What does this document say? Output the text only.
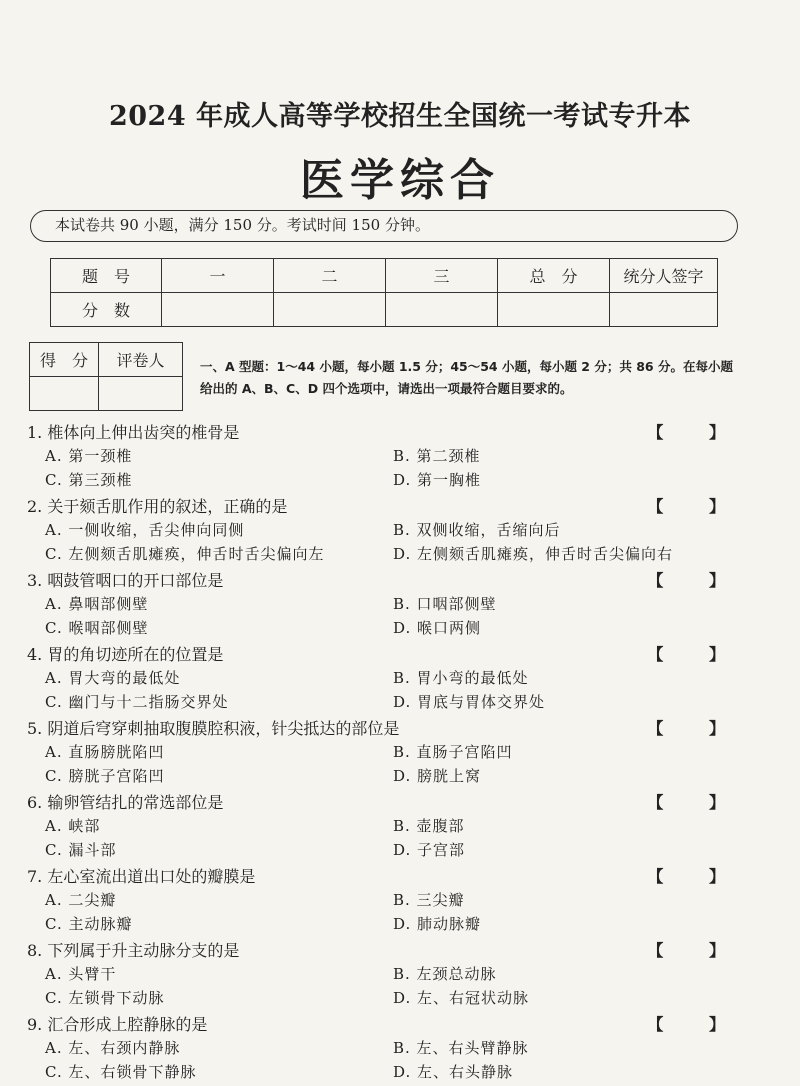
2024 年成人高等学校招生全国统一考试专升本
医学综合
本试卷共 90 小题，满分 150 分。考试时间 150 分钟。
题　号	一	二	三	总　分	统分人签字
分　数					
得　分	评卷人
		一、A 型题：1～44 小题，每小题 1.5 分；45～54 小题，每小题 2 分；共 86 分。在每小题给出的 A、B、C、D 四个选项中，请选出一项最符合题目要求的。
1. 椎体向上伸出齿突的椎骨是	【 】
A. 第一颈椎	B. 第二颈椎
C. 第三颈椎	D. 第一胸椎
2. 关于颏舌肌作用的叙述，正确的是	【 】
A. 一侧收缩，舌尖伸向同侧	B. 双侧收缩，舌缩向后
C. 左侧颏舌肌瘫痪，伸舌时舌尖偏向左	D. 左侧颏舌肌瘫痪，伸舌时舌尖偏向右
3. 咽鼓管咽口的开口部位是	【 】
A. 鼻咽部侧壁	B. 口咽部侧壁
C. 喉咽部侧壁	D. 喉口两侧
4. 胃的角切迹所在的位置是	【 】
A. 胃大弯的最低处	B. 胃小弯的最低处
C. 幽门与十二指肠交界处	D. 胃底与胃体交界处
5. 阴道后穹穿刺抽取腹膜腔积液，针尖抵达的部位是	【 】
A. 直肠膀胱陷凹	B. 直肠子宫陷凹
C. 膀胱子宫陷凹	D. 膀胱上窝
6. 输卵管结扎的常选部位是	【 】
A. 峡部	B. 壶腹部
C. 漏斗部	D. 子宫部
7. 左心室流出道出口处的瓣膜是	【 】
A. 二尖瓣	B. 三尖瓣
C. 主动脉瓣	D. 肺动脉瓣
8. 下列属于升主动脉分支的是	【 】
A. 头臂干	B. 左颈总动脉
C. 左锁骨下动脉	D. 左、右冠状动脉
9. 汇合形成上腔静脉的是	【 】
A. 左、右颈内静脉	B. 左、右头臂静脉
C. 左、右锁骨下静脉	D. 左、右头静脉
